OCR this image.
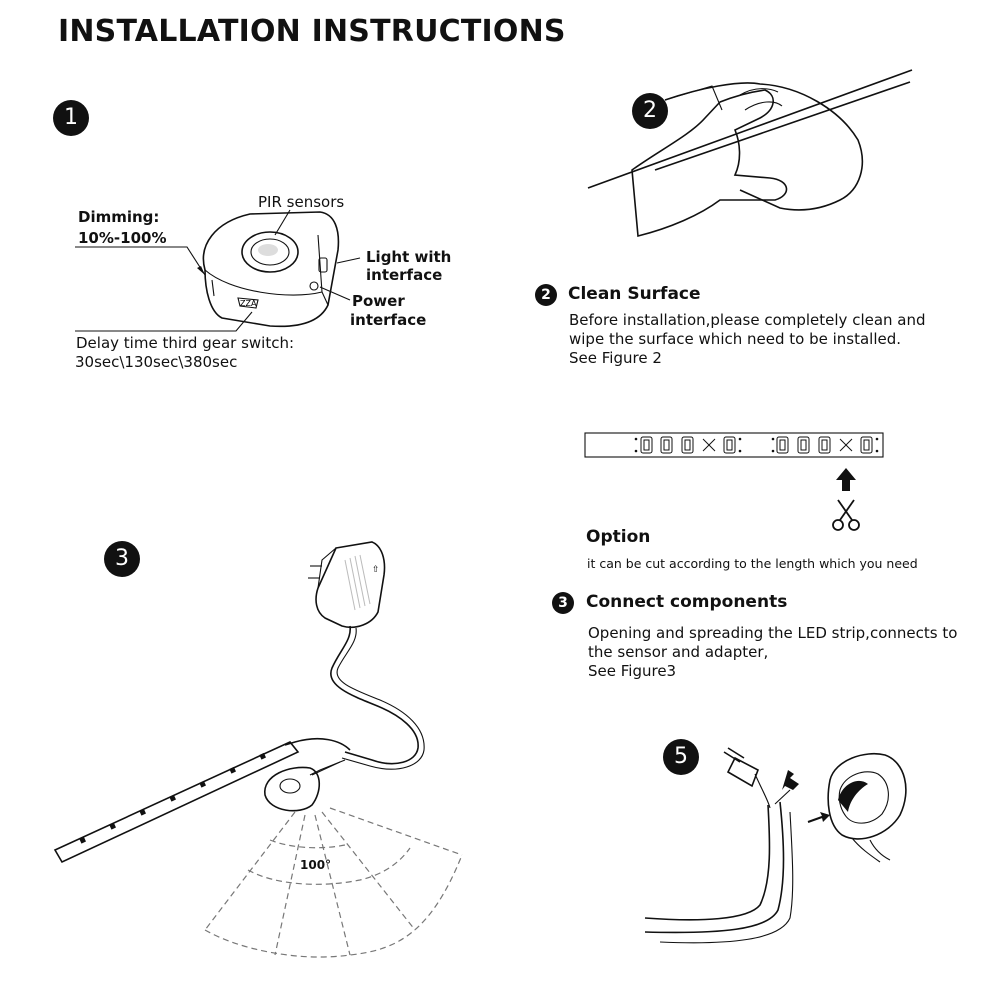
INSTALLATION INSTRUCTIONS
1
ZZA
PIR sensors
Dimming:
10%-100%
Light with
interface
Power
interface
Delay time third gear switch:
30sec\130sec\380sec
2
2	Clean Surface
Before installation,please completely clean and
wipe the surface which need to be installed.
See Figure 2
Option
it can be cut according to the length which you need
3	⇧
100°
3	Connect components
Opening and spreading the LED strip,connects to
the sensor and adapter,
See Figure3
5
